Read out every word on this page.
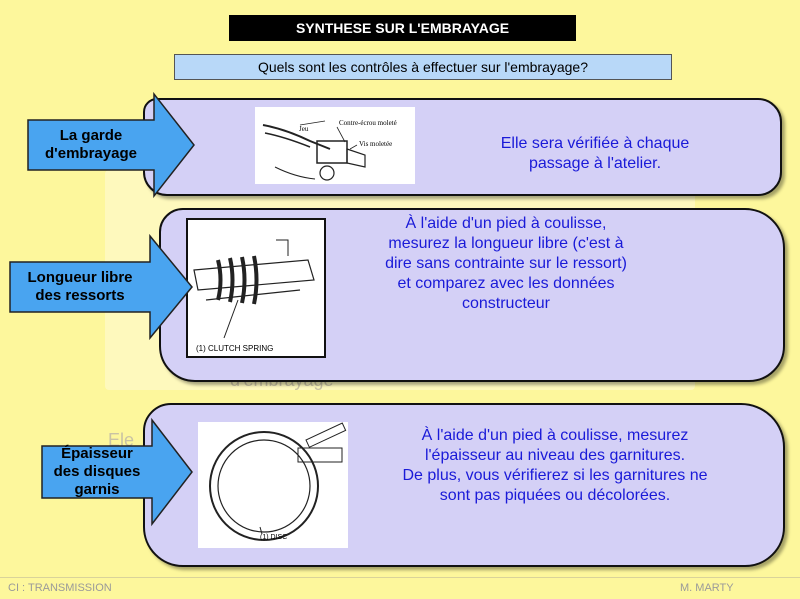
SYNTHESE SUR L'EMBRAYAGE
Quels sont les contrôles à effectuer sur l'embrayage?
Ele
Contre-écrou moleté
Jeu
Vis moletée	Elle sera vérifiée à chaque
passage à l'atelier.
La garde
d'embrayage
(1) CLUTCH SPRING
À l'aide d'un pied à coulisse,
mesurez la longueur libre (c'est à
dire sans contrainte sur le ressort)
et comparez avec les données
constructeur
Longueur libre
des ressorts
(1) DISC
À l'aide d'un pied à coulisse, mesurez
l'épaisseur au niveau des garnitures.
De plus, vous vérifierez si les garnitures ne
sont pas piquées ou décolorées.
Épaisseur
des disques
garnis
CI : TRANSMISSION	M. MARTY
